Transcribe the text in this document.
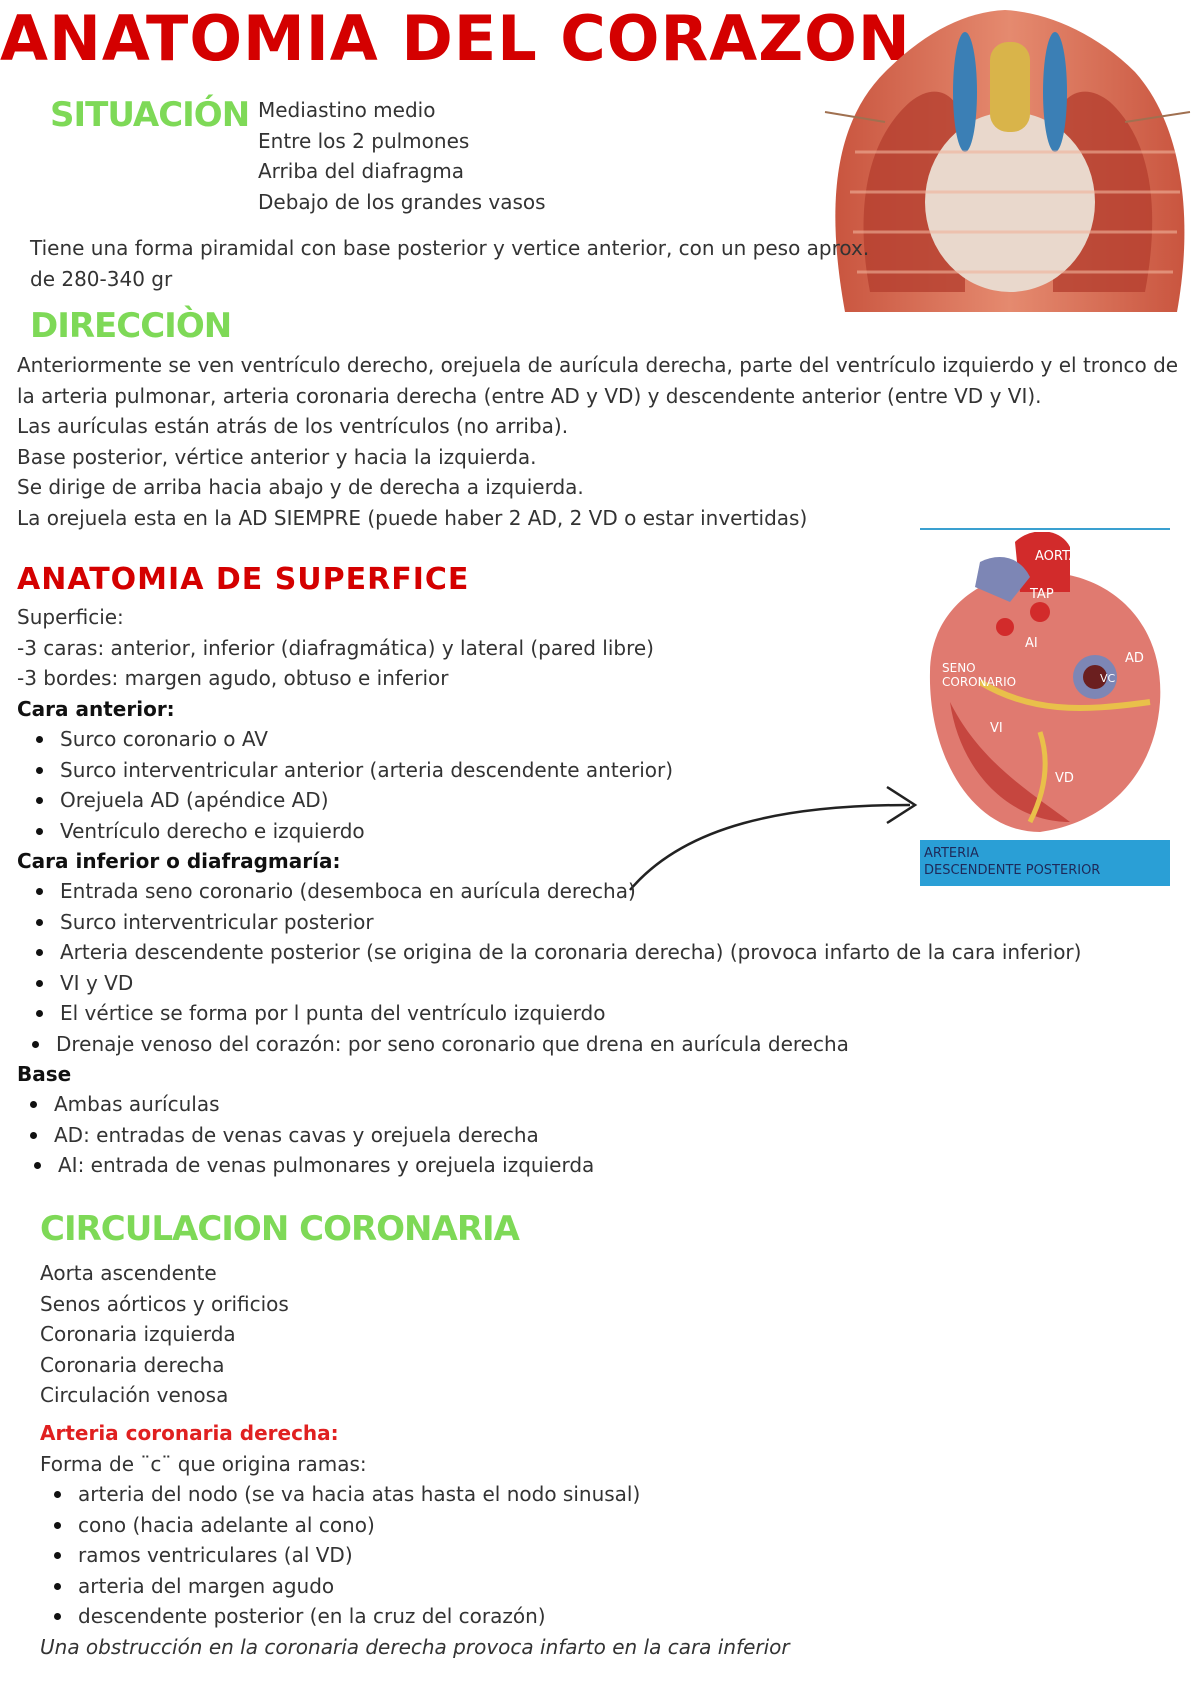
ANATOMIA DEL CORAZON
SITUACIÓN Mediastino medio
Entre los 2 pulmones
Arriba del diafragma
Debajo de los grandes vasos
Tiene una forma piramidal con base posterior y vertice anterior, con un peso aprox.
de 280-340 gr
DIRECCIÒN
Anteriormente se ven ventrículo derecho, orejuela de aurícula derecha, parte del ventrículo izquierdo y el tronco de
la arteria pulmonar, arteria coronaria derecha (entre AD y VD) y descendente anterior (entre VD y VI).
Las aurículas están atrás de los ventrículos (no arriba).
Base posterior, vértice anterior y hacia la izquierda.
Se dirige de arriba hacia abajo y de derecha a izquierda.
La orejuela esta en la AD SIEMPRE (puede haber 2 AD, 2 VD o estar invertidas)
AORTA
TAP
AI
AD
SENO
CORONARIO	VC
VI
VD
ARTERIA
DESCENDENTE POSTERIOR
ANATOMIA DE SUPERFICE
Superficie:
-3 caras: anterior, inferior (diafragmática) y lateral (pared libre)
-3 bordes: margen agudo, obtuso e inferior
Cara anterior:
Surco coronario o AV
Surco interventricular anterior (arteria descendente anterior)
Orejuela AD (apéndice AD)
Ventrículo derecho e izquierdo
Cara inferior o diafragmaría:
Entrada seno coronario (desemboca en aurícula derecha)
Surco interventricular posterior
Arteria descendente posterior (se origina de la coronaria derecha) (provoca infarto de la cara inferior)
VI y VD
El vértice se forma por l punta del ventrículo izquierdo
Drenaje venoso del corazón: por seno coronario que drena en aurícula derecha
Base
Ambas aurículas
AD: entradas de venas cavas y orejuela derecha
AI: entrada de venas pulmonares y orejuela izquierda
CIRCULACION CORONARIA
Aorta ascendente
Senos aórticos y orificios
Coronaria izquierda
Coronaria derecha
Circulación venosa
Arteria coronaria derecha:
Forma de ¨c¨ que origina ramas:
arteria del nodo (se va hacia atas hasta el nodo sinusal)
cono (hacia adelante al cono)
ramos ventriculares (al VD)
arteria del margen agudo
descendente posterior (en la cruz del corazón)
Una obstrucción en la coronaria derecha provoca infarto en la cara inferior
